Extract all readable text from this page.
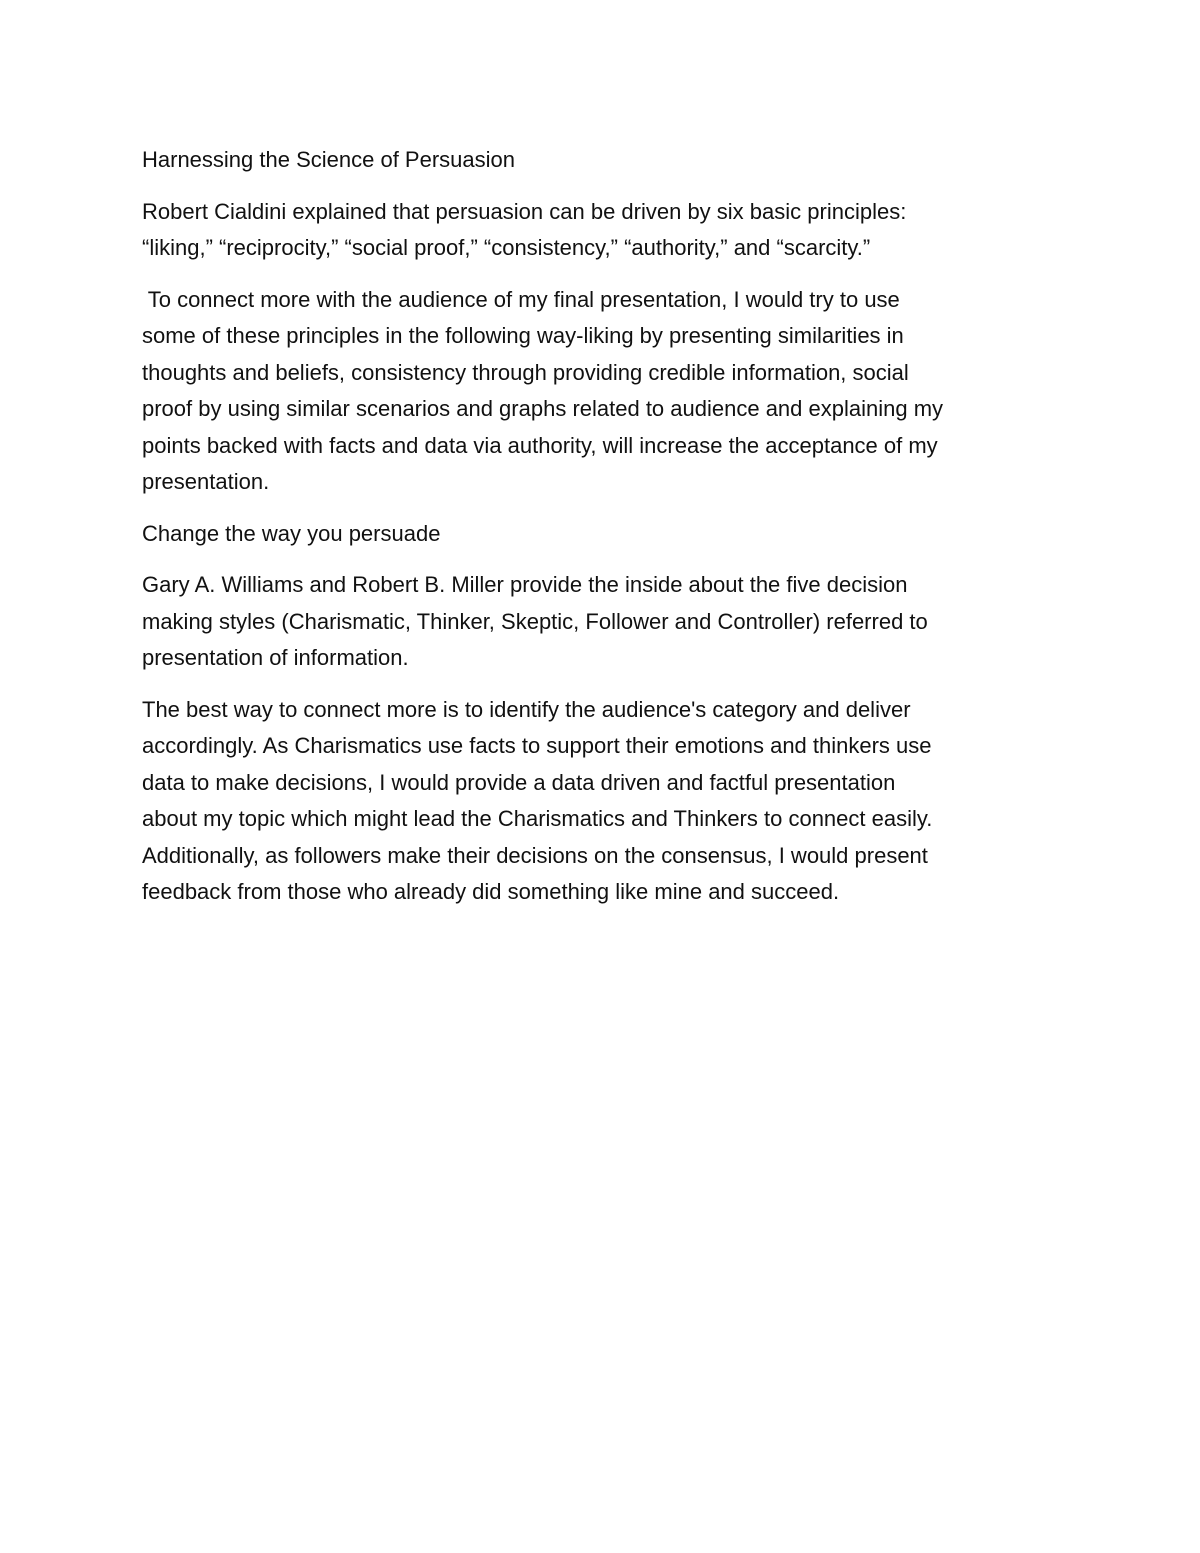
Harnessing the Science of Persuasion

Robert Cialdini explained that persuasion can be driven by six basic principles:
“liking,” “reciprocity,” “social proof,” “consistency,” “authority,” and “scarcity.”

To connect more with the audience of my final presentation, I would try to use
some of these principles in the following way-liking by presenting similarities in
thoughts and beliefs, consistency through providing credible information, social
proof by using similar scenarios and graphs related to audience and explaining my
points backed with facts and data via authority, will increase the acceptance of my
presentation.

Change the way you persuade

Gary A. Williams and Robert B. Miller provide the inside about the five decision
making styles (Charismatic, Thinker, Skeptic, Follower and Controller) referred to
presentation of information.

The best way to connect more is to identify the audience's category and deliver
accordingly. As Charismatics use facts to support their emotions and thinkers use
data to make decisions, I would provide a data driven and factful presentation
about my topic which might lead the Charismatics and Thinkers to connect easily.
Additionally, as followers make their decisions on the consensus, I would present
feedback from those who already did something like mine and succeed.
